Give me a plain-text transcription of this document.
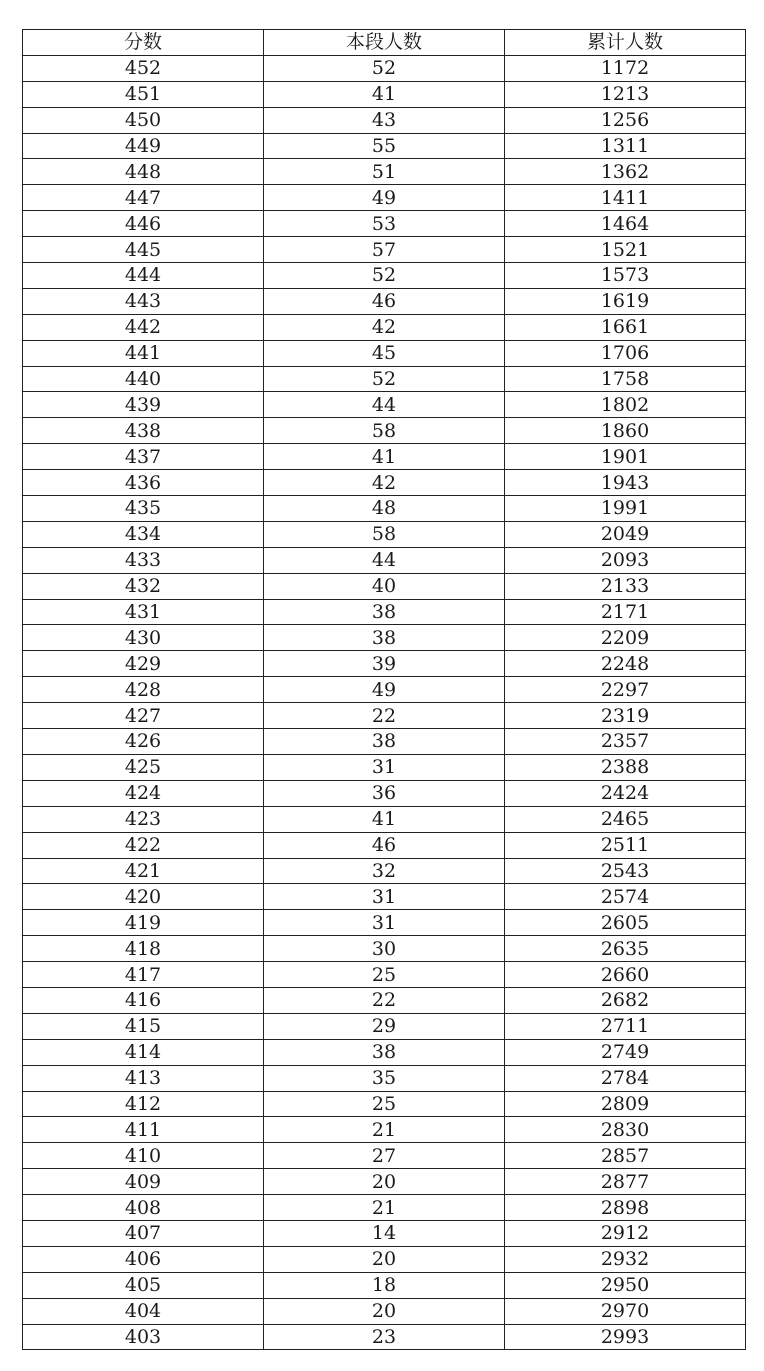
分数	本段人数	累计人数
452	52	1172
451	41	1213
450	43	1256
449	55	1311
448	51	1362
447	49	1411
446	53	1464
445	57	1521
444	52	1573
443	46	1619
442	42	1661
441	45	1706
440	52	1758
439	44	1802
438	58	1860
437	41	1901
436	42	1943
435	48	1991
434	58	2049
433	44	2093
432	40	2133
431	38	2171
430	38	2209
429	39	2248
428	49	2297
427	22	2319
426	38	2357
425	31	2388
424	36	2424
423	41	2465
422	46	2511
421	32	2543
420	31	2574
419	31	2605
418	30	2635
417	25	2660
416	22	2682
415	29	2711
414	38	2749
413	35	2784
412	25	2809
411	21	2830
410	27	2857
409	20	2877
408	21	2898
407	14	2912
406	20	2932
405	18	2950
404	20	2970
403	23	2993
